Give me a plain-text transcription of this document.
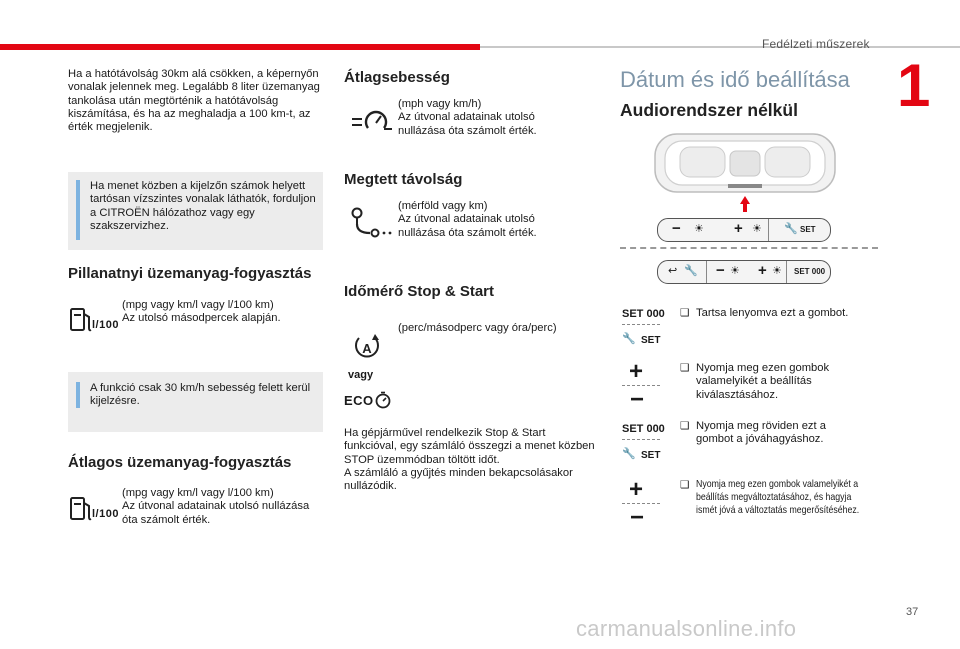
Fedélzeti műszerek
1
Ha a hatótávolság 30km alá csökken, a képernyőn vonalak jelennek meg. Legalább 8 liter üzemanyag tankolása után megtörténik a hatótávolság kiszámítása, és ha az meghaladja a 100 km-t, az érték megjelenik.
Ha menet közben a kijelzőn számok helyett tartósan vízszintes vonalak láthatók, forduljon a CITROËN hálózathoz vagy egy szakszervizhez.
Pillanatnyi üzemanyag-fogyasztás
l/100
(mpg vagy km/l vagy l/100 km)
Az utolsó másodpercek alapján.
A funkció csak 30 km/h sebesség felett kerül kijelzésre.
Átlagos üzemanyag-fogyasztás
l/100
(mpg vagy km/l vagy l/100 km)
Az útvonal adatainak utolsó nullázása óta számolt érték.
Átlagsebesség
(mph vagy km/h)
Az útvonal adatainak utolsó nullázása óta számolt érték.
Megtett távolság
(mérföld vagy km)
Az útvonal adatainak utolsó nullázása óta számolt érték.
Időmérő Stop & Start
A
vagy
(perc/másodperc vagy óra/perc)
ECO
Ha gépjárművel rendelkezik Stop & Start funkcióval, egy számláló összegzi a menet közben STOP üzemmódban töltött időt.
A számláló a gyűjtés minden bekapcsolásakor nullázódik.
Dátum és idő beállítása
Audiorendszer nélkül
− ☀ + ☀ 🔧 SET
↩ 🔧 − ☀ + ☀ SET 000
SET 000
🔧 SET
❑ Tartsa lenyomva ezt a gombot.
+
−
❑ Nyomja meg ezen gombok valamelyikét a beállítás kiválasztásához.
SET 000
🔧 SET
❑ Nyomja meg röviden ezt a gombot a jóváhagyáshoz.
+
−
❑ Nyomja meg ezen gombok valamelyikét a beállítás megváltoztatásához, és hagyja ismét jóvá a változtatás megerősítéséhez.
37
carmanualsonline.info
